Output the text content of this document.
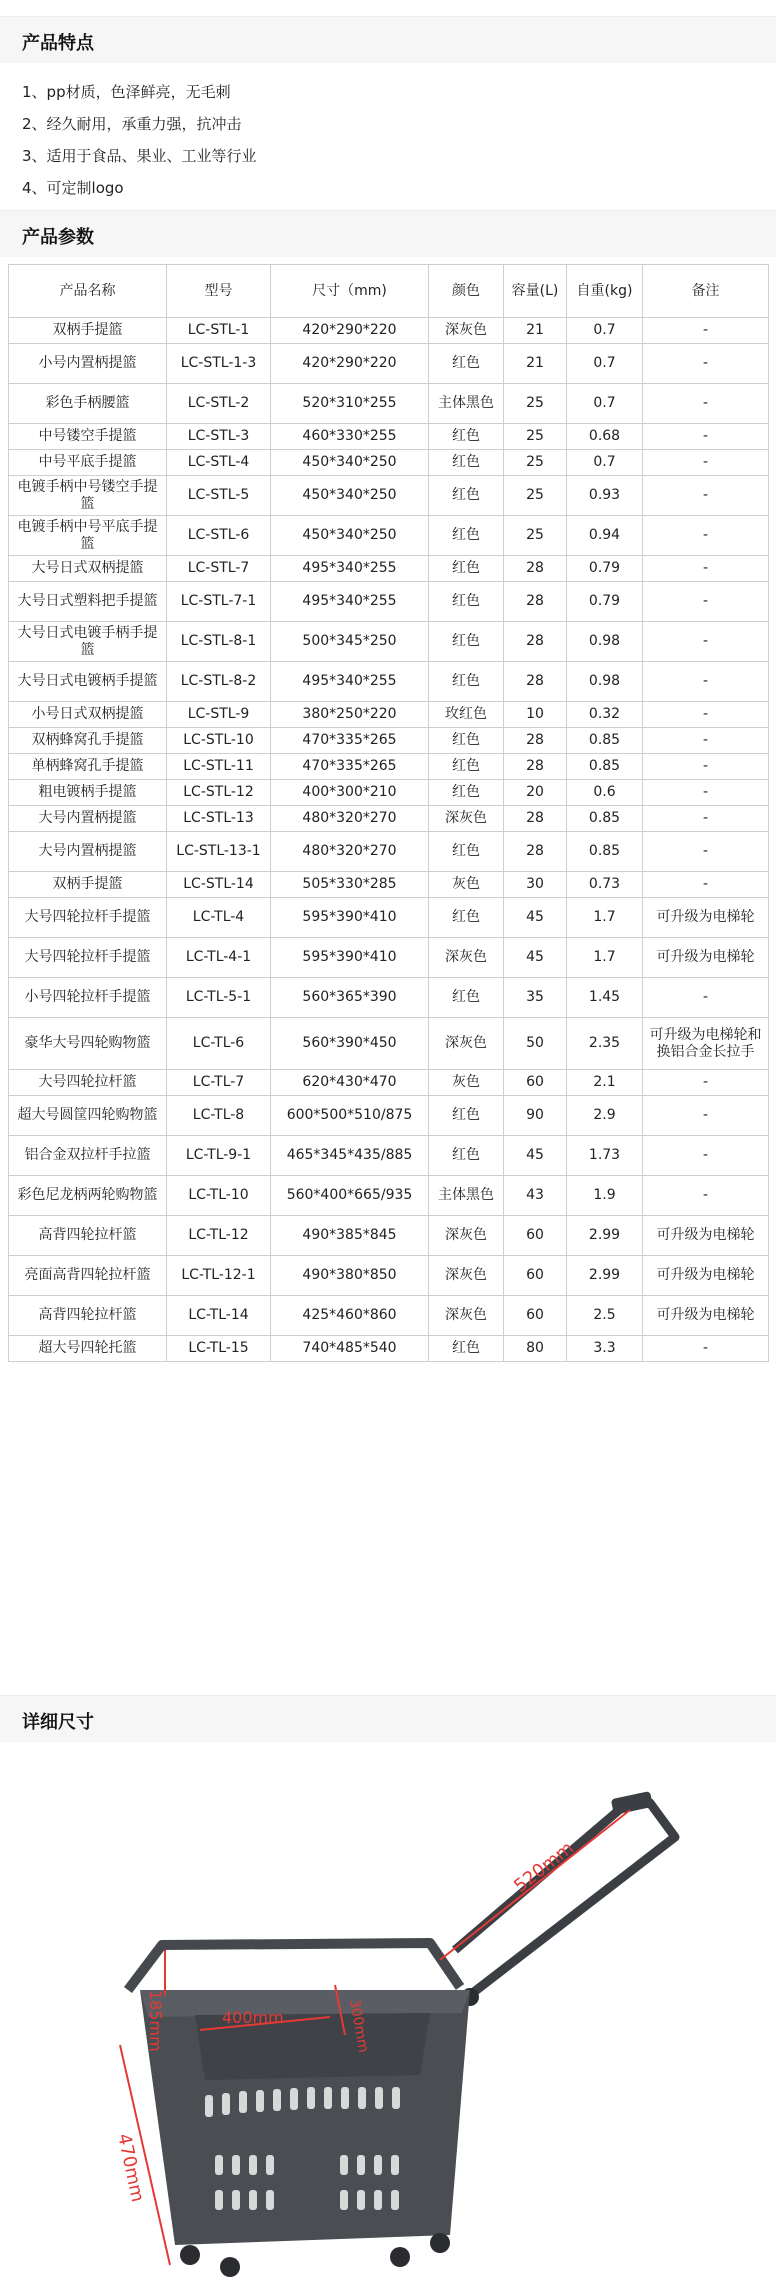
产品特点
1、pp材质，色泽鲜亮，无毛刺
2、经久耐用，承重力强，抗冲击
3、适用于食品、果业、工业等行业
4、可定制logo
产品参数
产品名称	型号	尺寸（mm)	颜色	容量(L)	自重(kg)	备注
双柄手提篮	LC-STL-1	420*290*220	深灰色	21	0.7	-
小号内置柄提篮	LC-STL-1-3	420*290*220	红色	21	0.7	-
彩色手柄腰篮	LC-STL-2	520*310*255	主体黑色	25	0.7	-
中号镂空手提篮	LC-STL-3	460*330*255	红色	25	0.68	-
中号平底手提篮	LC-STL-4	450*340*250	红色	25	0.7	-
电镀手柄中号镂空手提篮	LC-STL-5	450*340*250	红色	25	0.93	-
电镀手柄中号平底手提篮	LC-STL-6	450*340*250	红色	25	0.94	-
大号日式双柄提篮	LC-STL-7	495*340*255	红色	28	0.79	-
大号日式塑料把手提篮	LC-STL-7-1	495*340*255	红色	28	0.79	-
大号日式电镀手柄手提篮	LC-STL-8-1	500*345*250	红色	28	0.98	-
大号日式电镀柄手提篮	LC-STL-8-2	495*340*255	红色	28	0.98	-
小号日式双柄提篮	LC-STL-9	380*250*220	玫红色	10	0.32	-
双柄蜂窝孔手提篮	LC-STL-10	470*335*265	红色	28	0.85	-
单柄蜂窝孔手提篮	LC-STL-11	470*335*265	红色	28	0.85	-
粗电镀柄手提篮	LC-STL-12	400*300*210	红色	20	0.6	-
大号内置柄提篮	LC-STL-13	480*320*270	深灰色	28	0.85	-
大号内置柄提篮	LC-STL-13-1	480*320*270	红色	28	0.85	-
双柄手提篮	LC-STL-14	505*330*285	灰色	30	0.73	-
大号四轮拉杆手提篮	LC-TL-4	595*390*410	红色	45	1.7	可升级为电梯轮
大号四轮拉杆手提篮	LC-TL-4-1	595*390*410	深灰色	45	1.7	可升级为电梯轮
小号四轮拉杆手提篮	LC-TL-5-1	560*365*390	红色	35	1.45	-
豪华大号四轮购物篮	LC-TL-6	560*390*450	深灰色	50	2.35	可升级为电梯轮和换铝合金长拉手
大号四轮拉杆篮	LC-TL-7	620*430*470	灰色	60	2.1	-
超大号圆筐四轮购物篮	LC-TL-8	600*500*510/875	红色	90	2.9	-
铝合金双拉杆手拉篮	LC-TL-9-1	465*345*435/885	红色	45	1.73	-
彩色尼龙柄两轮购物篮	LC-TL-10	560*400*665/935	主体黑色	43	1.9	-
高背四轮拉杆篮	LC-TL-12	490*385*845	深灰色	60	2.99	可升级为电梯轮
亮面高背四轮拉杆篮	LC-TL-12-1	490*380*850	深灰色	60	2.99	可升级为电梯轮
高背四轮拉杆篮	LC-TL-14	425*460*860	深灰色	60	2.5	可升级为电梯轮
超大号四轮托篮	LC-TL-15	740*485*540	红色	80	3.3	-
详细尺寸
520mm
185mm	400mm	300mm
470mm
